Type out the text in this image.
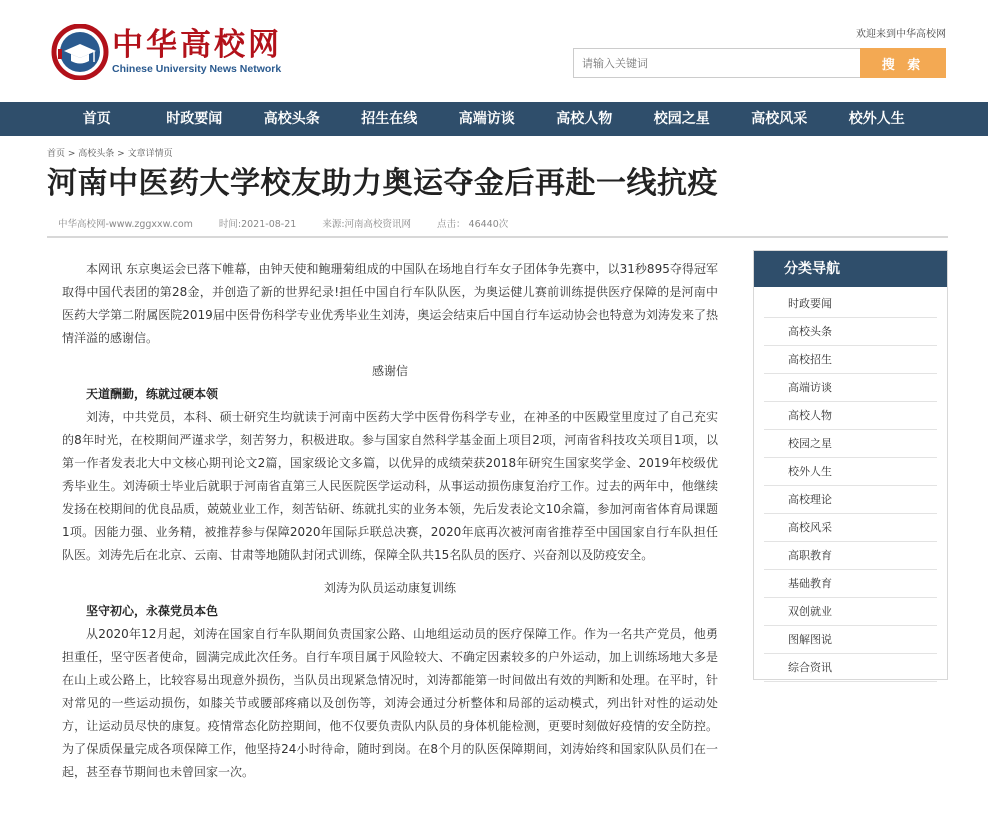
中华高校网
Chinese University News Network
欢迎来到中华高校网
请输入关键词
搜 索
首页	时政要闻	高校头条	招生在线	高端访谈	高校人物	校园之星	高校风采	校外人生
首页 > 高校头条 > 文章详情页
河南中医药大学校友助力奥运夺金后再赴一线抗疫
中华高校网-www.zggxxw.com	时间:2021-08-21	来源:河南高校资讯网	点击： 46440次

本网讯 东京奥运会已落下帷幕，由钟天使和鲍珊菊组成的中国队在场地自行车女子团体争先赛中，以31秒895夺得冠军取得中国代表团的第28金，并创造了新的世界纪录!担任中国自行车队队医，为奥运健儿赛前训练提供医疗保障的是河南中医药大学第二附属医院2019届中医骨伤科学专业优秀毕业生刘涛，奥运会结束后中国自行车运动协会也特意为刘涛发来了热情洋溢的感谢信。

感谢信

天道酬勤，练就过硬本领

刘涛，中共党员，本科、硕士研究生均就读于河南中医药大学中医骨伤科学专业，在神圣的中医殿堂里度过了自己充实的8年时光，在校期间严谨求学，刻苦努力，积极进取。参与国家自然科学基金面上项目2项，河南省科技攻关项目1项，以第一作者发表北大中文核心期刊论文2篇，国家级论文多篇，以优异的成绩荣获2018年研究生国家奖学金、2019年校级优秀毕业生。刘涛硕士毕业后就职于河南省直第三人民医院医学运动科，从事运动损伤康复治疗工作。过去的两年中，他继续发扬在校期间的优良品质，兢兢业业工作，刻苦钻研、练就扎实的业务本领，先后发表论文10余篇，参加河南省体育局课题1项。因能力强、业务精，被推荐参与保障2020年国际乒联总决赛，2020年底再次被河南省推荐至中国国家自行车队担任队医。刘涛先后在北京、云南、甘肃等地随队封闭式训练，保障全队共15名队员的医疗、兴奋剂以及防疫安全。

刘涛为队员运动康复训练

坚守初心，永葆党员本色

从2020年12月起，刘涛在国家自行车队期间负责国家公路、山地组运动员的医疗保障工作。作为一名共产党员，他勇担重任，坚守医者使命，圆满完成此次任务。自行车项目属于风险较大、不确定因素较多的户外运动，加上训练场地大多是在山上或公路上，比较容易出现意外损伤，当队员出现紧急情况时，刘涛都能第一时间做出有效的判断和处理。在平时，针对常见的一些运动损伤，如膝关节或腰部疼痛以及创伤等，刘涛会通过分析整体和局部的运动模式，列出针对性的运动处方，让运动员尽快的康复。疫情常态化防控期间，他不仅要负责队内队员的身体机能检测，更要时刻做好疫情的安全防控。为了保质保量完成各项保障工作，他坚持24小时待命，随时到岗。在8个月的队医保障期间，刘涛始终和国家队队员们在一起，甚至春节期间也未曾回家一次。

分类导航
时政要闻
高校头条
高校招生
高端访谈
高校人物
校园之星
校外人生
高校理论
高校风采
高职教育
基础教育
双创就业
图解图说
综合资讯
